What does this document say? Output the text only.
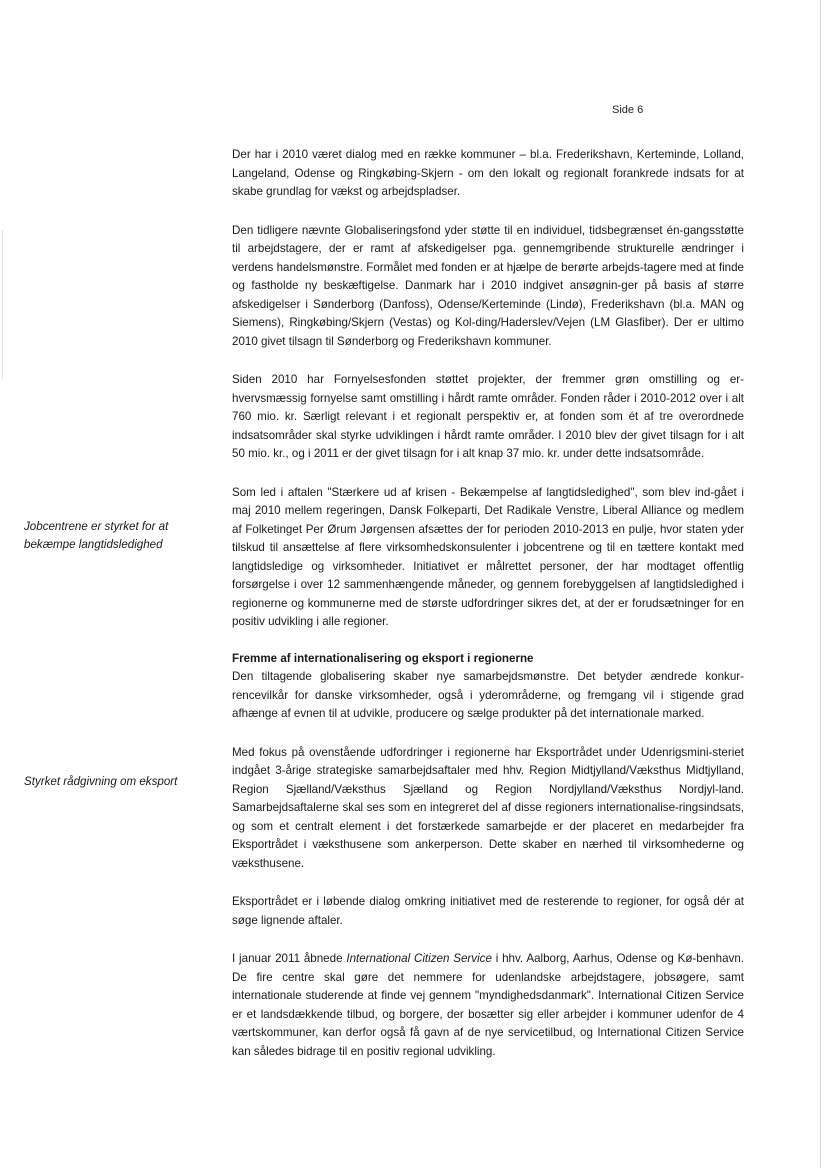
Side 6
Jobcentrene er styrket for at bekæmpe langtidsledighed
Styrket rådgivning om eksport

Der har i 2010 været dialog med en række kommuner – bl.a. Frederikshavn, Kerteminde, Lolland, Langeland, Odense og Ringkøbing-Skjern - om den lokalt og regionalt forankrede indsats for at skabe grundlag for vækst og arbejdspladser.

Den tidligere nævnte Globaliseringsfond yder støtte til en individuel, tidsbegrænset én-gangsstøtte til arbejdstagere, der er ramt af afskedigelser pga. gennemgribende strukturelle ændringer i verdens handelsmønstre. Formålet med fonden er at hjælpe de berørte arbejds-tagere med at finde og fastholde ny beskæftigelse. Danmark har i 2010 indgivet ansøgnin-ger på basis af større afskedigelser i Sønderborg (Danfoss), Odense/Kerteminde (Lindø), Frederikshavn (bl.a. MAN og Siemens), Ringkøbing/Skjern (Vestas) og Kol-ding/Haderslev/Vejen (LM Glasfiber). Der er ultimo 2010 givet tilsagn til Sønderborg og Frederikshavn kommuner.

Siden 2010 har Fornyelsesfonden støttet projekter, der fremmer grøn omstilling og er-hvervsmæssig fornyelse samt omstilling i hårdt ramte områder. Fonden råder i 2010-2012 over i alt 760 mio. kr. Særligt relevant i et regionalt perspektiv er, at fonden som ét af tre overordnede indsatsområder skal styrke udviklingen i hårdt ramte områder. I 2010 blev der givet tilsagn for i alt 50 mio. kr., og i 2011 er der givet tilsagn for i alt knap 37 mio. kr. under dette indsatsområde.

Som led i aftalen "Stærkere ud af krisen - Bekæmpelse af langtidsledighed", som blev ind-gået i maj 2010 mellem regeringen, Dansk Folkeparti, Det Radikale Venstre, Liberal Alliance og medlem af Folketinget Per Ørum Jørgensen afsættes der for perioden 2010-2013 en pulje, hvor staten yder tilskud til ansættelse af flere virksomhedskonsulenter i jobcentrene og til en tættere kontakt med langtidsledige og virksomheder. Initiativet er målrettet personer, der har modtaget offentlig forsørgelse i over 12 sammenhængende måneder, og gennem forebyggelsen af langtidsledighed i regionerne og kommunerne med de største udfordringer sikres det, at der er forudsætninger for en positiv udvikling i alle regioner.

Fremme af internationalisering og eksport i regionerne

Den tiltagende globalisering skaber nye samarbejdsmønstre. Det betyder ændrede konkur-rencevilkår for danske virksomheder, også i yderområderne, og fremgang vil i stigende grad afhænge af evnen til at udvikle, producere og sælge produkter på det internationale marked.

Med fokus på ovenstående udfordringer i regionerne har Eksportrådet under Udenrigsmini-steriet indgået 3-årige strategiske samarbejdsaftaler med hhv. Region Midtjylland/Væksthus Midtjylland, Region Sjælland/Væksthus Sjælland og Region Nordjylland/Væksthus Nordjyl-land. Samarbejdsaftalerne skal ses som en integreret del af disse regioners internationalise-ringsindsats, og som et centralt element i det forstærkede samarbejde er der placeret en medarbejder fra Eksportrådet i væksthusene som ankerperson. Dette skaber en nærhed til virksomhederne og væksthusene.

Eksportrådet er i løbende dialog omkring initiativet med de resterende to regioner, for også dér at søge lignende aftaler.

I januar 2011 åbnede International Citizen Service i hhv. Aalborg, Aarhus, Odense og Kø-benhavn. De fire centre skal gøre det nemmere for udenlandske arbejdstagere, jobsøgere, samt internationale studerende at finde vej gennem "myndighedsdanmark". International Citizen Service er et landsdækkende tilbud, og borgere, der bosætter sig eller arbejder i kommuner udenfor de 4 værtskommuner, kan derfor også få gavn af de nye servicetilbud, og International Citizen Service kan således bidrage til en positiv regional udvikling.
